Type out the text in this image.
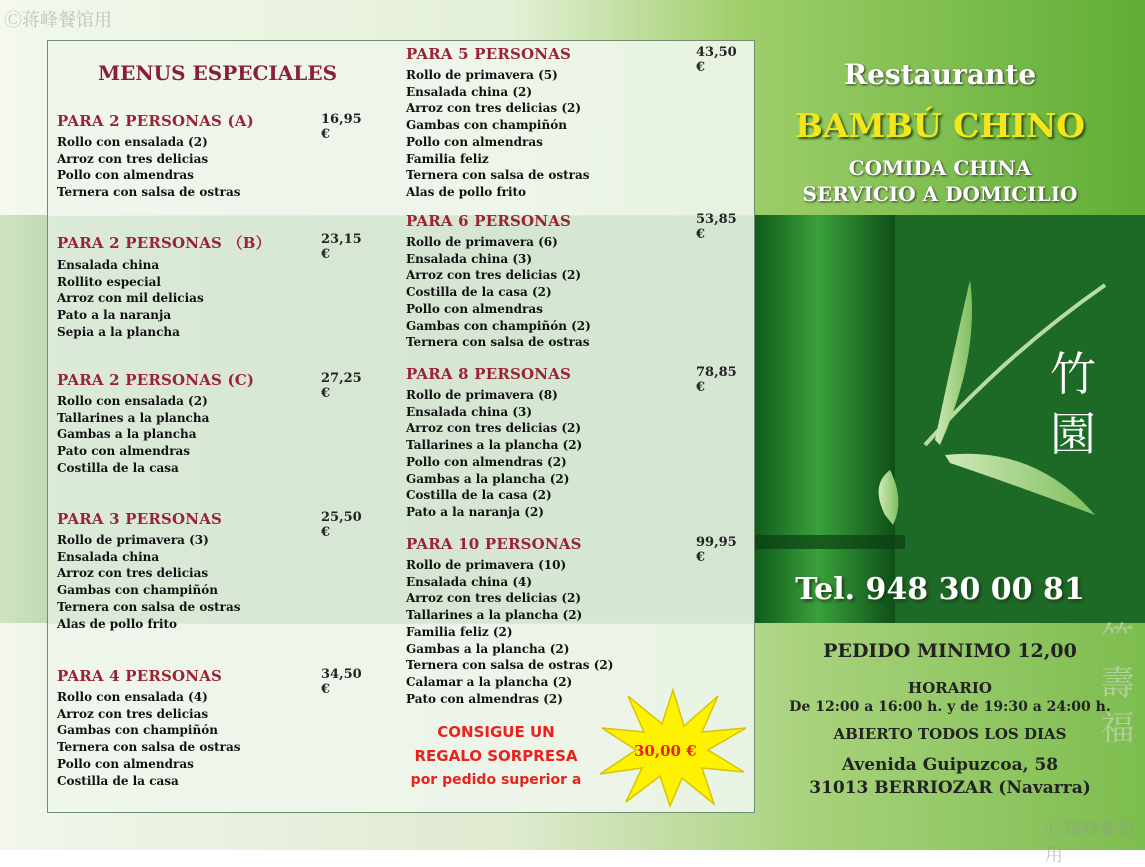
Ⓒ蒋峰餐馆用
MENUS ESPECIALES
PARA 2 PERSONAS (A)	16,95 €
Rollo con ensalada (2)
Arroz con tres delicias
Pollo con almendras
Ternera con salsa de ostras
PARA 2 PERSONAS （B）	23,15 €
Ensalada china
Rollito especial
Arroz con mil delicias
Pato a la naranja
Sepia a la plancha
PARA 2 PERSONAS (C)	27,25 €
Rollo con ensalada (2)
Tallarines a la plancha
Gambas a la plancha
Pato con almendras
Costilla de la casa
PARA 3 PERSONAS	25,50 €
Rollo de primavera (3)
Ensalada china
Arroz con tres delicias
Gambas con champiñón
Ternera con salsa de ostras
Alas de pollo frito
PARA 4 PERSONAS	34,50 €
Rollo con ensalada (4)
Arroz con tres delicias
Gambas con champiñón
Ternera con salsa de ostras
Pollo con almendras
Costilla de la casa
PARA 5 PERSONAS	43,50 €
Rollo de primavera (5)
Ensalada china (2)
Arroz con tres delicias (2)
Gambas con champiñón
Pollo con almendras
Familia feliz
Ternera con salsa de ostras
Alas de pollo frito
PARA 6 PERSONAS	53,85 €
Rollo de primavera (6)
Ensalada china (3)
Arroz con tres delicias (2)
Costilla de la casa (2)
Pollo con almendras
Gambas con champiñón (2)
Ternera con salsa de ostras
PARA 8 PERSONAS	78,85 €
Rollo de primavera (8)
Ensalada china (3)
Arroz con tres delicias (2)
Tallarines a la plancha (2)
Pollo con almendras (2)
Gambas a la plancha (2)
Costilla de la casa (2)
Pato a la naranja (2)
PARA 10 PERSONAS	99,95 €
Rollo de primavera (10)
Ensalada china (4)
Arroz con tres delicias (2)
Tallarines a la plancha (2)
Familia feliz (2)
Gambas a la plancha (2)
Ternera con salsa de ostras (2)
Calamar a la plancha (2)
Pato con almendras (2)
CONSIGUE UN
REGALO SORPRESA
por pedido superior a
30,00 €
Restaurante
BAMBÚ CHINO
COMIDA CHINA
SERVICIO A DOMICILIO
竹
園
Tel. 948 30 00 81
⺮ 壽 福
PEDIDO MINIMO 12,00
HORARIO
De 12:00 a 16:00 h. y de 19:30 a 24:00 h.
ABIERTO TODOS LOS DIAS
Avenida Guipuzcoa, 58
31013 BERRIOZAR (Navarra)
Ⓒ蒋峰餐馆用
